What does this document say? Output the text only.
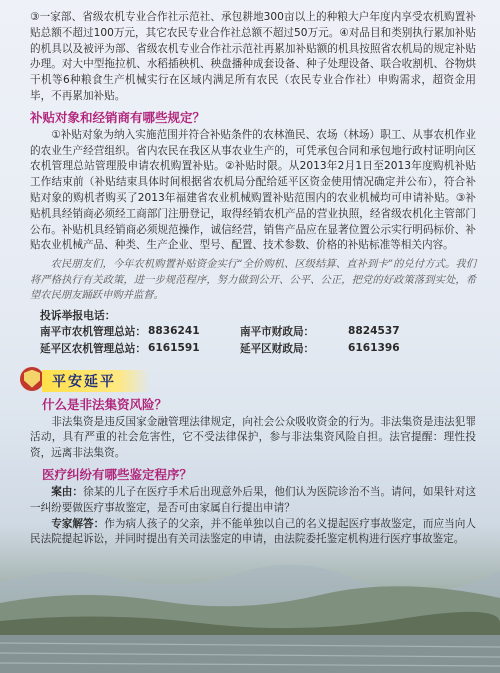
③一家部、省级农机专业合作社示范社、承包耕地300亩以上的种粮大户年度内享受农机购置补贴总额不超过100万元，其它农民专业合作社总额不超过50万元。④对品目和类别执行累加补贴的机具以及被评为部、省级农机专业合作社示范社再累加补贴额的机具按照省农机局的规定补贴办理。对大中型拖拉机、水稻插秧机、秧盘播种成套设备、种子处理设备、联合收割机、谷物烘干机等6种粮食生产机械实行在区域内满足所有农民（农民专业合作社）申购需求，超资金用毕，不再累加补贴。

补贴对象和经销商有哪些规定？

①补贴对象为纳入实施范围并符合补贴条件的农林渔民、农场（林场）职工、从事农机作业的农业生产经营组织。省内农民在我区从事农业生产的，可凭承包合同和承包地行政村证明向区农机管理总站管理股申请农机购置补贴。②补贴时限。从2013年2月1日至2013年度购机补贴工作结束前（补贴结束具体时间根据省农机局分配给延平区资金使用情况确定并公布），符合补贴对象的购机者购买了2013年福建省农业机械购置补贴范围内的农业机械均可申请补贴。③补贴机具经销商必须经工商部门注册登记，取得经销农机产品的营业执照，经省级农机化主管部门公布。补贴机具经销商必须规范操作，诚信经营，销售产品应在显著位置公示实行明码标价、补贴农业机械产品、种类、生产企业、型号、配置、技术参数、价格的补贴标准等相关内容。

农民朋友们，今年农机购置补贴资金实行“全价购机、区级结算、直补到卡”的兑付方式。我们将严格执行有关政策，进一步规范程序，努力做到公开、公平、公正，把党的好政策落到实处，希望农民朋友踊跃申购并监督。

投诉举报电话：
南平市农机管理总站：	8836241	南平市财政局：	8824537
延平区农机管理总站：	6161591	延平区财政局：	6161396
平安延平
什么是非法集资风险？

非法集资是违反国家金融管理法律规定，向社会公众吸收资金的行为。非法集资是违法犯罪活动，具有严重的社会危害性，它不受法律保护，参与非法集资风险自担。法官提醒：理性投资，远离非法集资。

医疗纠纷有哪些鉴定程序？

案由：徐某的儿子在医疗手术后出现意外后果，他们认为医院诊治不当。请问，如果针对这一纠纷要做医疗事故鉴定，是否可由家属自行提出申请？

专家解答：作为病人孩子的父亲，并不能单独以自己的名义提起医疗事故鉴定，而应当向人民法院提起诉讼，并同时提出有关司法鉴定的申请，由法院委托鉴定机构进行医疗事故鉴定。
